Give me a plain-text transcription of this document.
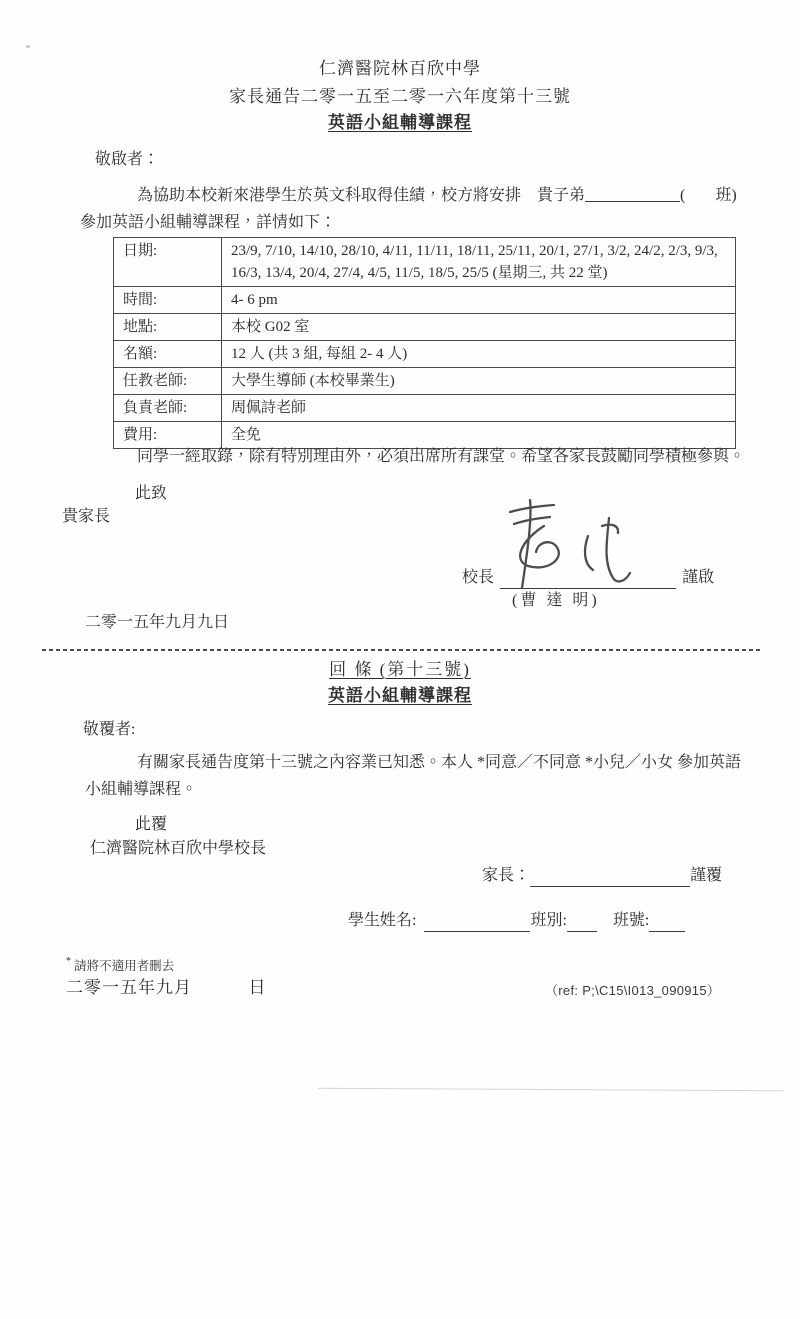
仁濟醫院林百欣中學
家長通告二零一五至二零一六年度第十三號
英語小組輔導課程
敬啟者：
為協助本校新來港學生於英文科取得佳績，校方將安排　貴子弟	( 班)
參加英語小組輔導課程，詳情如下：
日期:	23/9, 7/10, 14/10, 28/10, 4/11, 11/11, 18/11, 25/11, 20/1, 27/1, 3/2, 24/2, 2/3, 9/3,
16/3, 13/4, 20/4, 27/4, 4/5, 11/5, 18/5, 25/5 (星期三, 共 22 堂)

時間:	4- 6 pm

地點:	本校 G02 室

名額:	12 人 (共 3 組, 每組 2- 4 人)

任教老師:	大學生導師 (本校畢業生)

負責老師:	周佩詩老師

費用:	全免
同學一經取錄，除有特別理由外，必須出席所有課堂。希望各家長鼓勵同學積極參與。
此致
貴家長
校長	謹啟
(曹 達 明)
二零一五年九月九日
回 條 (第十三號)
英語小組輔導課程
敬覆者:
有關家長通告度第十三號之內容業已知悉。本人 *同意／不同意 *小兒／小女 參加英語小組輔導課程。
此覆
仁濟醫院林百欣中學校長
家長：	謹覆
學生姓名:	班別:	班號:
* 請將不適用者刪去
二零一五年九月	日	（ref: P;\C15\I013_090915）
